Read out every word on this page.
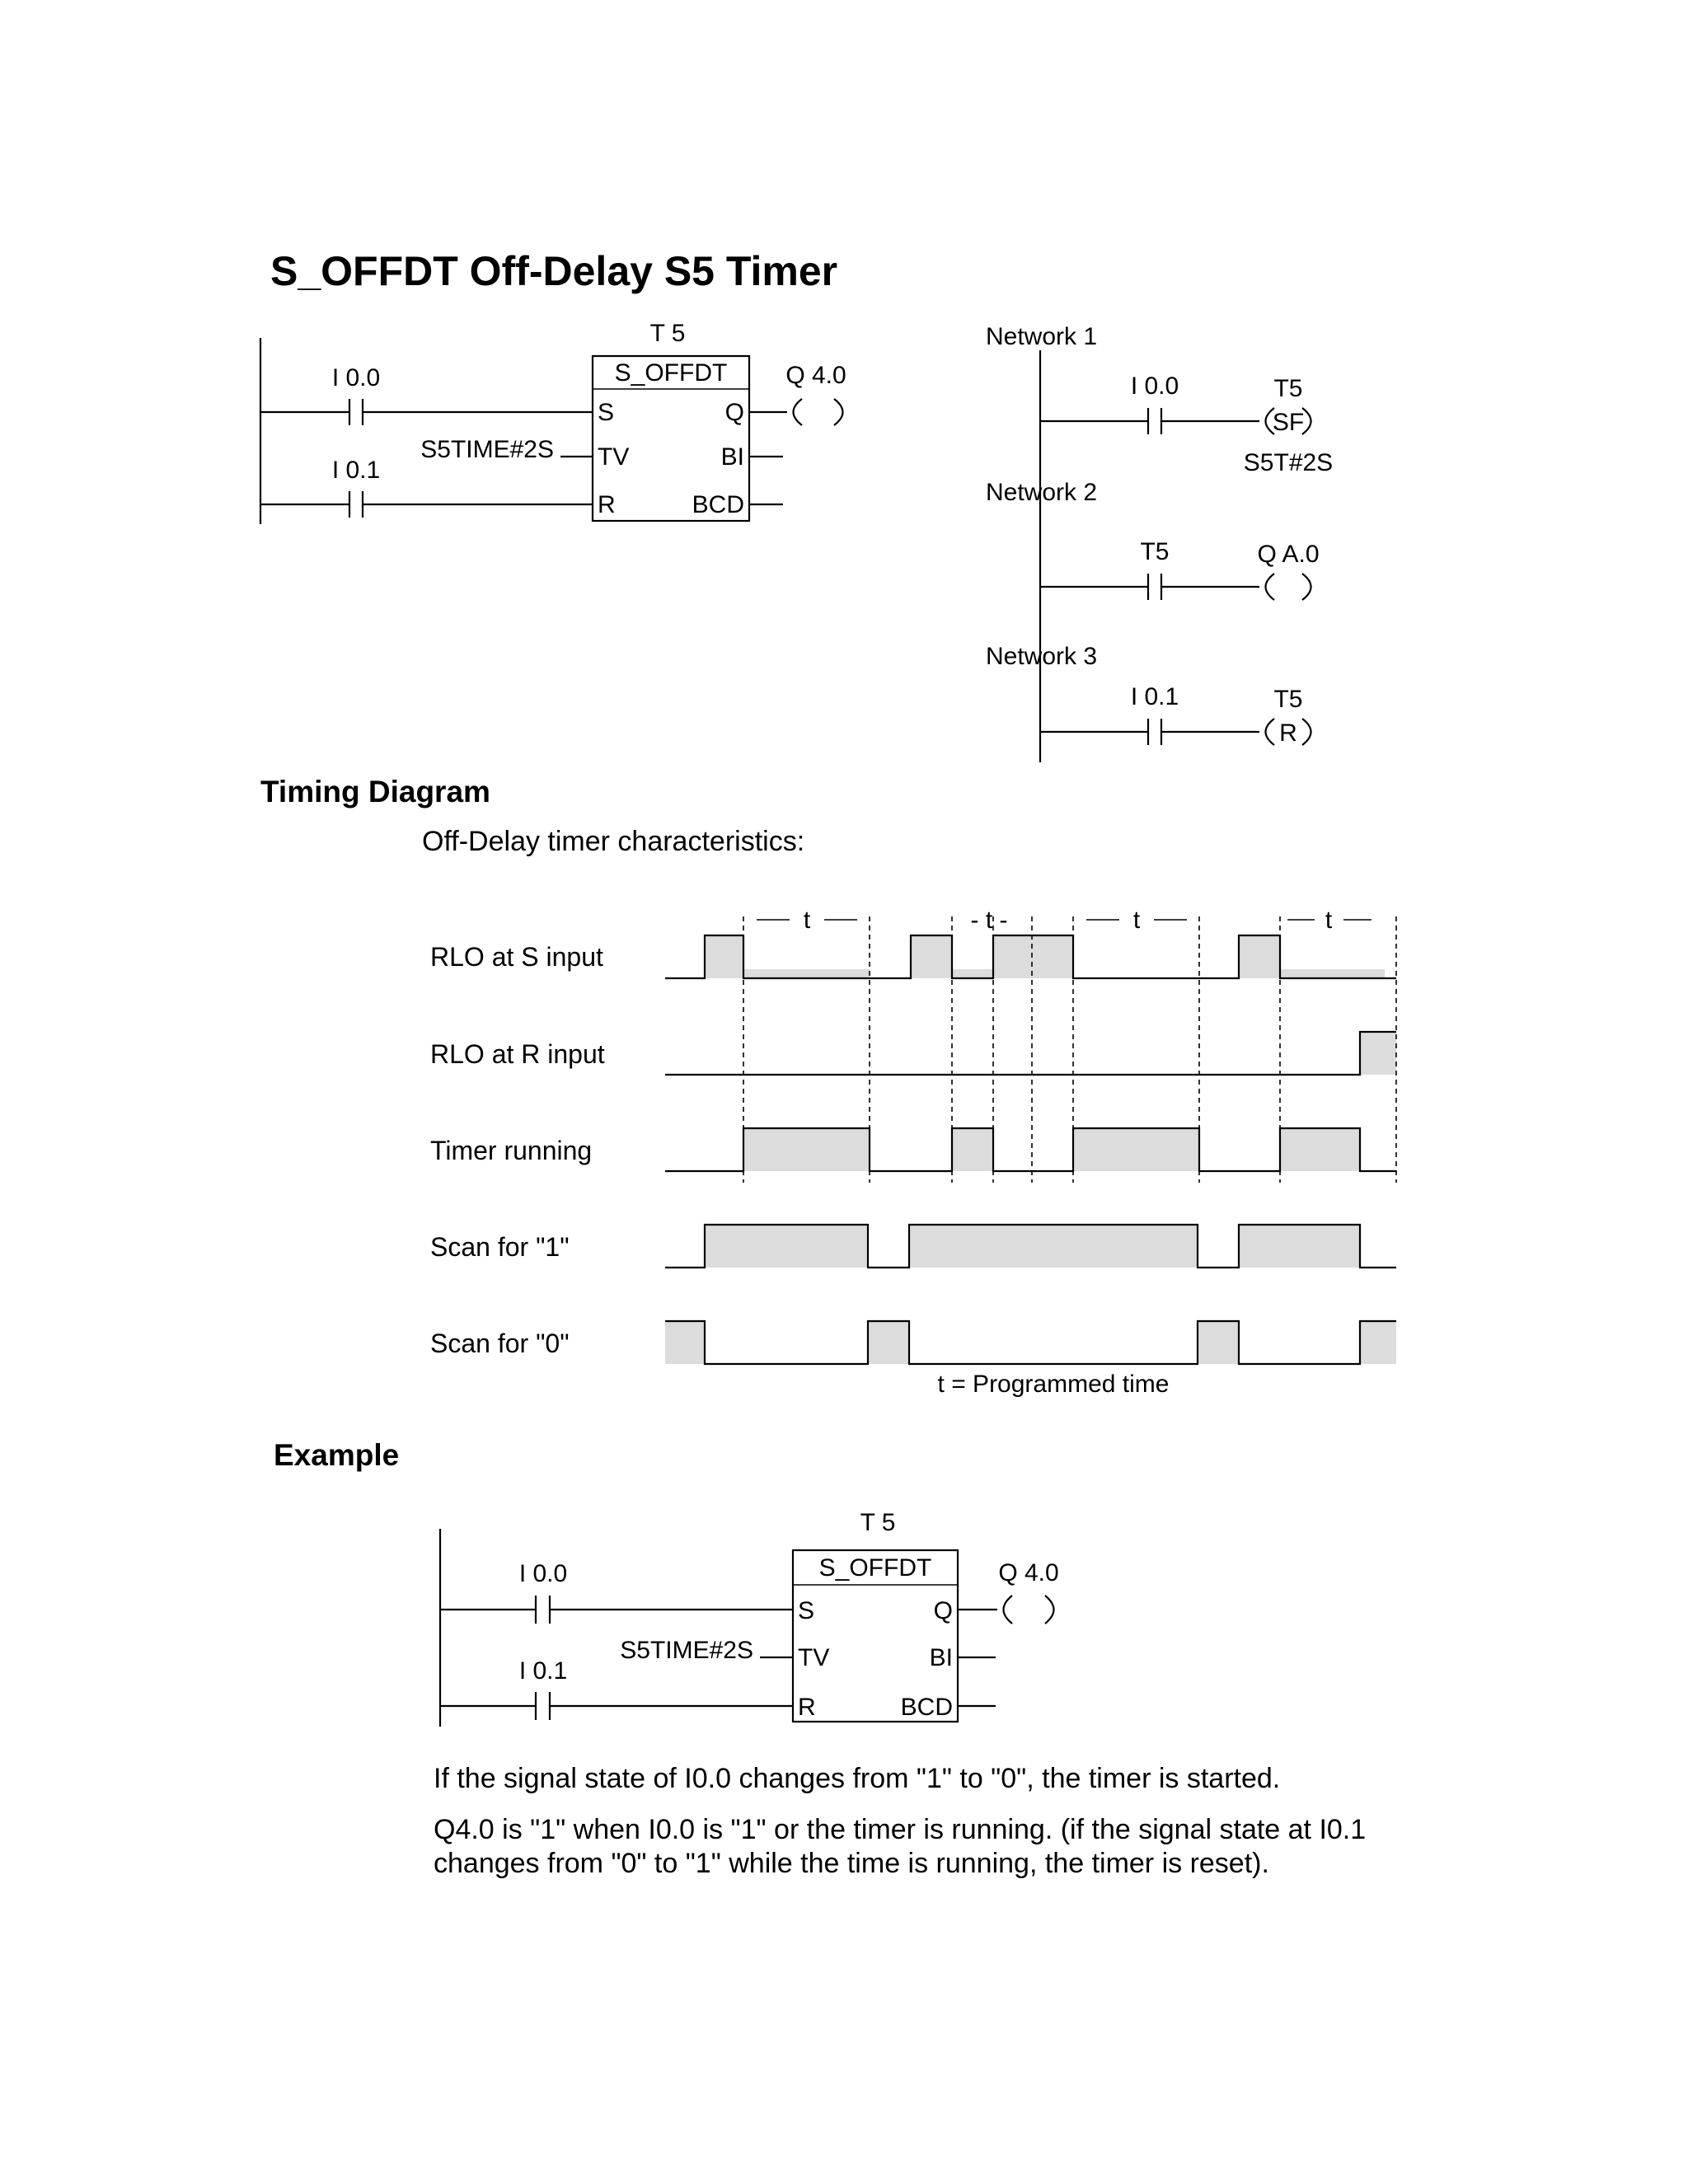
S_OFFDT Off-Delay S5 Timer
I 0.0
I 0.1
S5TIME#2S
T 5
S_OFFDT
S
TV
R
Q
BI
BCD
Q 4.0
Network 1
I 0.0
SF
T5
S5T#2S
Network 2
T5	Q A.0
Network 3
I 0.1
R
T5
Timing Diagram
Off-Delay timer characteristics:
RLO at S input
RLO at R input
Timer running
Scan for "1"
Scan for "0"
t	- t -	t	t
t = Programmed time
Example
I 0.0
I 0.1
S5TIME#2S
T 5
S_OFFDT
S
TV
R
Q
BI
BCD
Q 4.0
If the signal state of I0.0 changes from "1" to "0", the timer is started.
Q4.0 is "1" when I0.0 is "1" or the timer is running. (if the signal state at I0.1 changes from "0" to "1" while the time is running, the timer is reset).
